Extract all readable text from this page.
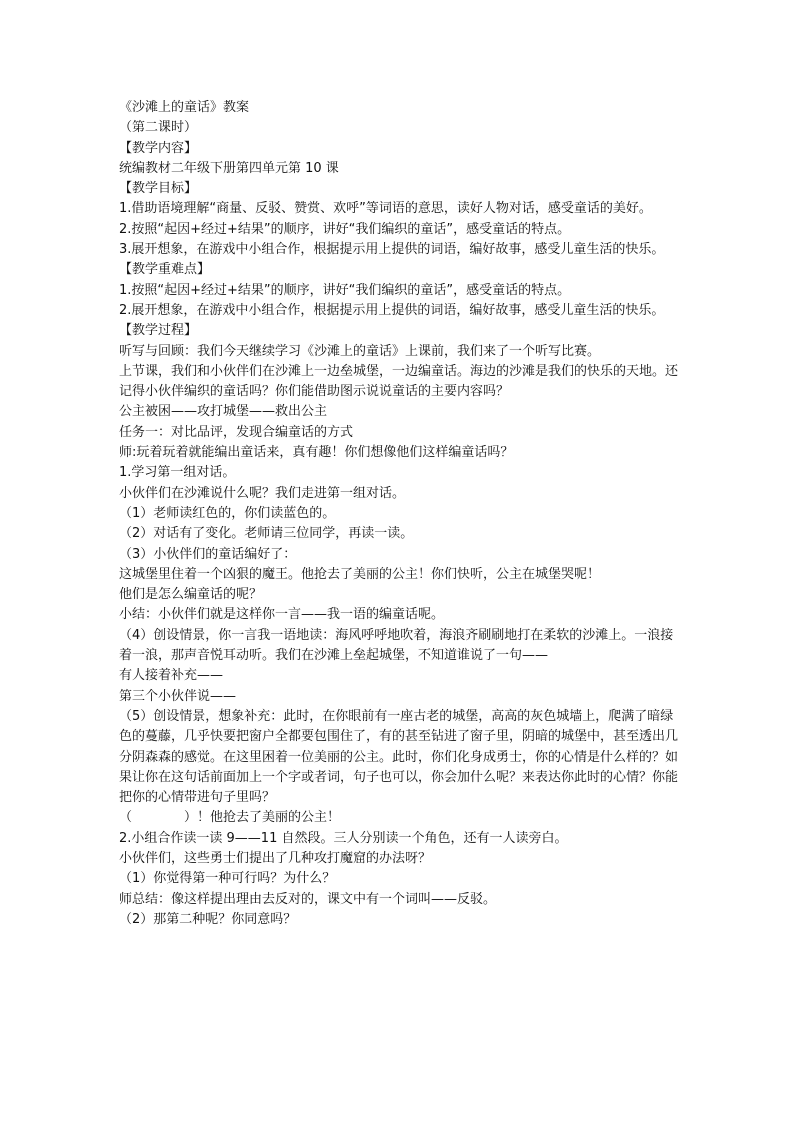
《沙滩上的童话》教案

（第二课时）

【教学内容】

统编教材二年级下册第四单元第 10 课

【教学目标】

1.借助语境理解“商量、反驳、赞赏、欢呼”等词语的意思，读好人物对话，感受童话的美好。

2.按照“起因+经过+结果”的顺序，讲好“我们编织的童话”，感受童话的特点。

3.展开想象，在游戏中小组合作，根据提示用上提供的词语，编好故事，感受儿童生活的快乐。

【教学重难点】

1.按照“起因+经过+结果”的顺序，讲好“我们编织的童话”，感受童话的特点。

2.展开想象，在游戏中小组合作，根据提示用上提供的词语，编好故事，感受儿童生活的快乐。

【教学过程】

听写与回顾：我们今天继续学习《沙滩上的童话》上课前，我们来了一个听写比赛。

上节课，我们和小伙伴们在沙滩上一边垒城堡，一边编童话。海边的沙滩是我们的快乐的天地。还记得小伙伴编织的童话吗？你们能借助图示说说童话的主要内容吗？

公主被困——攻打城堡——救出公主

任务一：对比品评，发现合编童话的方式

师:玩着玩着就能编出童话来，真有趣！你们想像他们这样编童话吗？

1.学习第一组对话。

小伙伴们在沙滩说什么呢？我们走进第一组对话。

（1）老师读红色的，你们读蓝色的。

（2）对话有了变化。老师请三位同学，再读一读。

（3）小伙伴们的童话编好了：

这城堡里住着一个凶狠的魔王。他抢去了美丽的公主！你们快听，公主在城堡哭呢！

他们是怎么编童话的呢？

小结：小伙伴们就是这样你一言——我一语的编童话呢。

（4）创设情景，你一言我一语地读：海风呼呼地吹着，海浪齐刷刷地打在柔软的沙滩上。一浪接着一浪，那声音悦耳动听。我们在沙滩上垒起城堡，不知道谁说了一句——

有人接着补充——

第三个小伙伴说——

（5）创设情景，想象补充：此时，在你眼前有一座古老的城堡，高高的灰色城墙上，爬满了暗绿色的蔓藤，几乎快要把窗户全都要包围住了，有的甚至钻进了窗子里，阴暗的城堡中，甚至透出几分阴森森的感觉。在这里困着一位美丽的公主。此时，你们化身成勇士，你的心情是什么样的？如果让你在这句话前面加上一个字或者词，句子也可以，你会加什么呢？来表达你此时的心情？你能把你的心情带进句子里吗？

（　　　　）！他抢去了美丽的公主！

2.小组合作读一读 9——11 自然段。三人分别读一个角色，还有一人读旁白。

小伙伴们，这些勇士们提出了几种攻打魔窟的办法呀？

（1）你觉得第一种可行吗？为什么？

师总结：像这样提出理由去反对的，课文中有一个词叫——反驳。

（2）那第二种呢？你同意吗？
